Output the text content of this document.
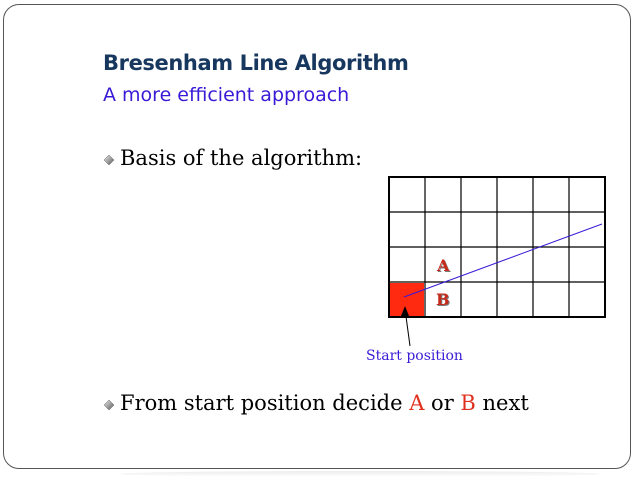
Bresenham Line Algorithm
A more efficient approach
Basis of the algorithm:
A
B
Start position
From start position decide A or B next
